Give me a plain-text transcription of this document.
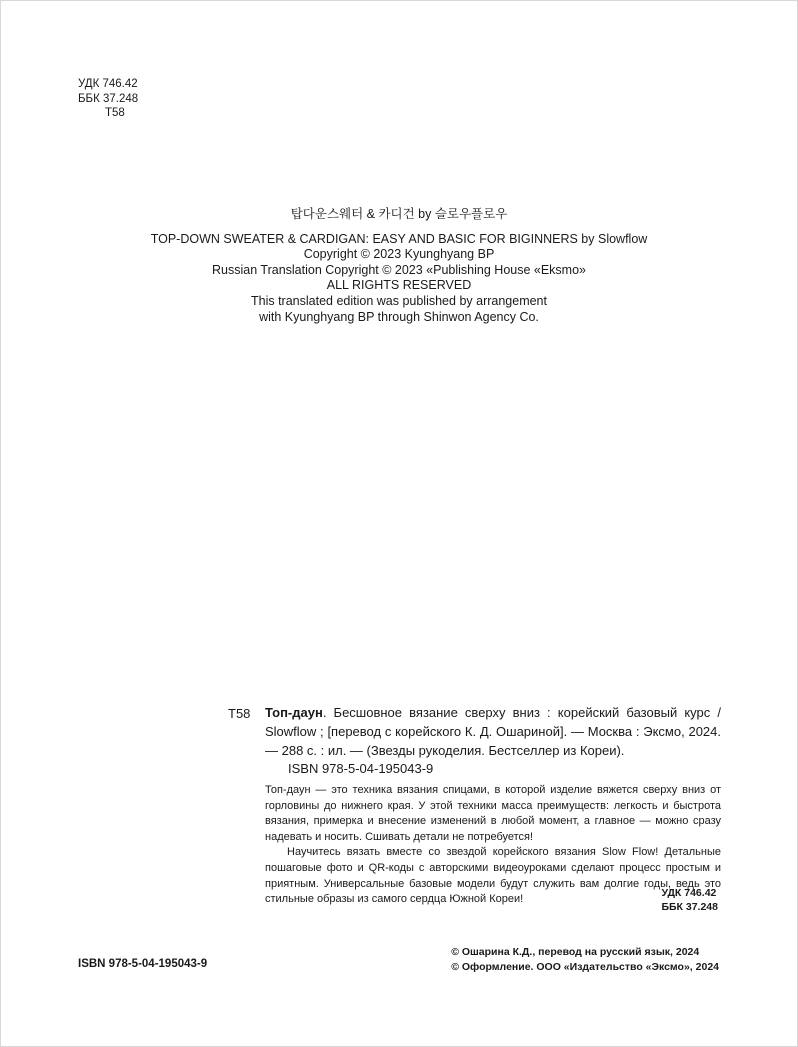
УДК 746.42
ББК 37.248
Т58
탑다운스웨터 & 카디건 by 슬로우플로우
TOP-DOWN SWEATER & CARDIGAN: EASY AND BASIC FOR BIGINNERS by Slowflow
Copyright © 2023 Kyunghyang BP
Russian Translation Copyright © 2023 «Publishing House «Eksmo»
ALL RIGHTS RESERVED
This translated edition was published by arrangement
with Kyunghyang BP through Shinwon Agency Co.
Т58 Топ-даун. Бесшовное вязание сверху вниз : корейский базовый курс / Slowflow ; [перевод с корейского К. Д. Ошариной]. — Москва : Эксмо, 2024. — 288 с. : ил. — (Звезды рукоделия. Бестселлер из Кореи).
ISBN 978-5-04-195043-9

Топ-даун — это техника вязания спицами, в которой изделие вяжется сверху вниз от горловины до нижнего края. У этой техники масса преимуществ: легкость и быстрота вязания, примерка и внесение изменений в любой момент, а главное — можно сразу надевать и носить. Сшивать детали не потребуется!

Научитесь вязать вместе со звездой корейского вязания Slow Flow! Детальные пошаговые фото и QR-коды с авторскими видеоуроками сделают процесс простым и приятным. Универсальные базовые модели будут служить вам долгие годы, ведь это стильные образы из самого сердца Южной Кореи!

УДК 746.42
ББК 37.248
ISBN 978-5-04-195043-9
© Ошарина К.Д., перевод на русский язык, 2024
© Оформление. ООО «Издательство «Эксмо», 2024
